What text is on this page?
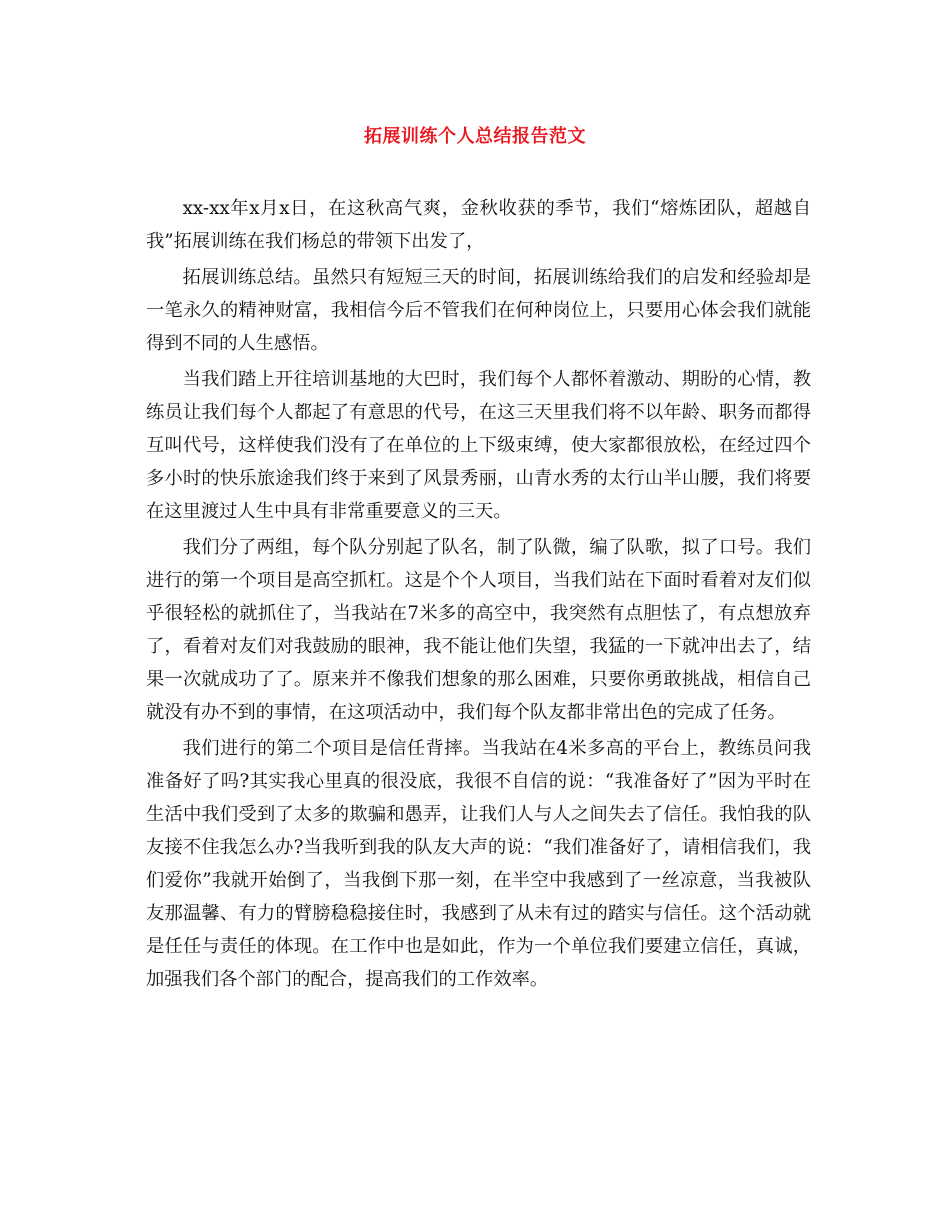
拓展训练个人总结报告范文

xx-xx年x月x日，在这秋高气爽，金秋收获的季节，我们“熔炼团队，超越自我”拓展训练在我们杨总的带领下出发了，

拓展训练总结。虽然只有短短三天的时间，拓展训练给我们的启发和经验却是一笔永久的精神财富，我相信今后不管我们在何种岗位上，只要用心体会我们就能得到不同的人生感悟。

当我们踏上开往培训基地的大巴时，我们每个人都怀着激动、期盼的心情，教练员让我们每个人都起了有意思的代号，在这三天里我们将不以年龄、职务而都得互叫代号，这样使我们没有了在单位的上下级束缚，使大家都很放松，在经过四个多小时的快乐旅途我们终于来到了风景秀丽，山青水秀的太行山半山腰，我们将要在这里渡过人生中具有非常重要意义的三天。

我们分了两组，每个队分别起了队名，制了队微，编了队歌，拟了口号。我们进行的第一个项目是高空抓杠。这是个个人项目，当我们站在下面时看着对友们似乎很轻松的就抓住了，当我站在7米多的高空中，我突然有点胆怯了，有点想放弃了，看着对友们对我鼓励的眼神，我不能让他们失望，我猛的一下就冲出去了，结果一次就成功了了。原来并不像我们想象的那么困难，只要你勇敢挑战，相信自己就没有办不到的事情，在这项活动中，我们每个队友都非常出色的完成了任务。

我们进行的第二个项目是信任背摔。当我站在4米多高的平台上，教练员问我准备好了吗?其实我心里真的很没底，我很不自信的说：“我准备好了”因为平时在生活中我们受到了太多的欺骗和愚弄，让我们人与人之间失去了信任。我怕我的队友接不住我怎么办?当我听到我的队友大声的说：“我们准备好了，请相信我们，我们爱你”我就开始倒了，当我倒下那一刻，在半空中我感到了一丝凉意，当我被队友那温馨、有力的臂膀稳稳接住时，我感到了从未有过的踏实与信任。这个活动就是任任与责任的体现。在工作中也是如此，作为一个单位我们要建立信任，真诚，加强我们各个部门的配合，提高我们的工作效率。
